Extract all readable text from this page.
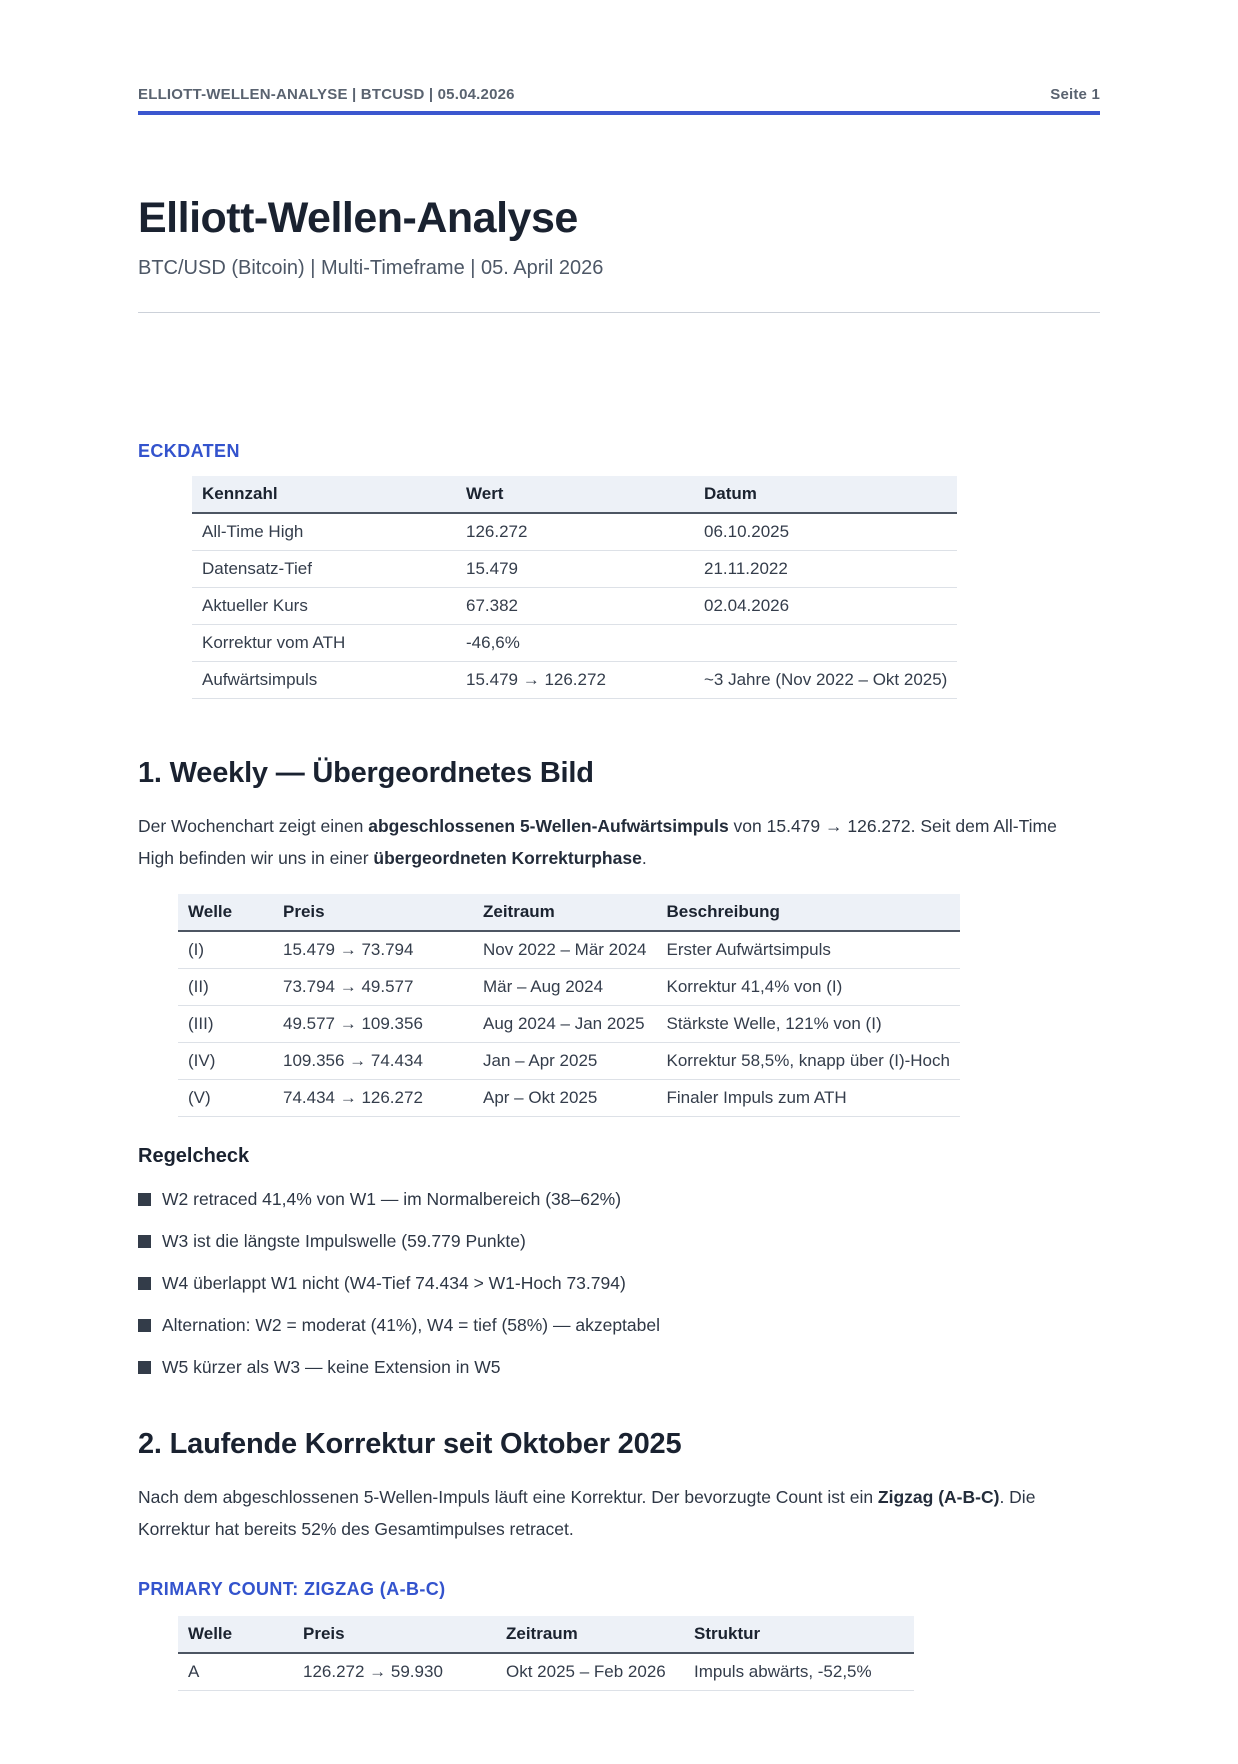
ELLIOTT-WELLEN-ANALYSE | BTCUSD | 05.04.2026	Seite 1
Elliott-Wellen-Analyse

BTC/USD (Bitcoin) | Multi-Timeframe | 05. April 2026

ECKDATEN
Kennzahl	Wert	Datum
All-Time High	126.272	06.10.2025
Datensatz-Tief	15.479	21.11.2022
Aktueller Kurs	67.382	02.04.2026
Korrektur vom ATH	-46,6%	
Aufwärtsimpuls	15.479 → 126.272	~3 Jahre (Nov 2022 – Okt 2025)
1. Weekly — Übergeordnetes Bild

Der Wochenchart zeigt einen abgeschlossenen 5-Wellen-Aufwärtsimpuls von 15.479 → 126.272. Seit dem All-Time High befinden wir uns in einer übergeordneten Korrekturphase.

Welle	Preis	Zeitraum	Beschreibung
(I)	15.479 → 73.794	Nov 2022 – Mär 2024	Erster Aufwärtsimpuls
(II)	73.794 → 49.577	Mär – Aug 2024	Korrektur 41,4% von (I)
(III)	49.577 → 109.356	Aug 2024 – Jan 2025	Stärkste Welle, 121% von (I)
(IV)	109.356 → 74.434	Jan – Apr 2025	Korrektur 58,5%, knapp über (I)-Hoch
(V)	74.434 → 126.272	Apr – Okt 2025	Finaler Impuls zum ATH
Regelcheck
W2 retraced 41,4% von W1 — im Normalbereich (38–62%)
W3 ist die längste Impulswelle (59.779 Punkte)
W4 überlappt W1 nicht (W4-Tief 74.434 > W1-Hoch 73.794)
Alternation: W2 = moderat (41%), W4 = tief (58%) — akzeptabel
W5 kürzer als W3 — keine Extension in W5
2. Laufende Korrektur seit Oktober 2025

Nach dem abgeschlossenen 5-Wellen-Impuls läuft eine Korrektur. Der bevorzugte Count ist ein Zigzag (A-B-C). Die Korrektur hat bereits 52% des Gesamtimpulses retracet.

PRIMARY COUNT: ZIGZAG (A-B-C)
Welle	Preis	Zeitraum	Struktur
A	126.272 → 59.930	Okt 2025 – Feb 2026	Impuls abwärts, -52,5%
